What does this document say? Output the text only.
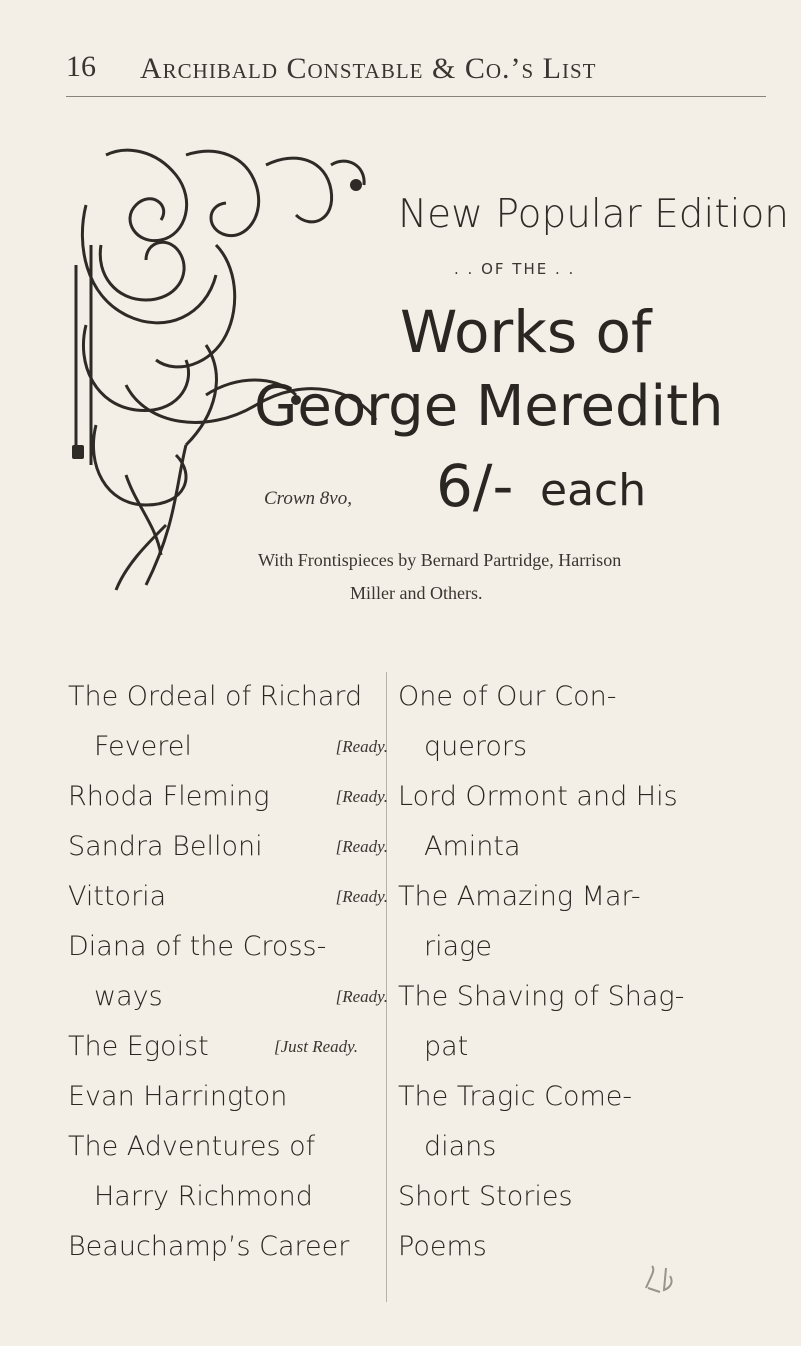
16 Archibald Constable & Co.’s List
New Popular Edition
. . OF THE . .
Works of
George Meredith
Crown 8vo, 6/- each
With Frontispieces by Bernard Partridge, Harrison
Miller and Others.
The Ordeal of Richard
Feverel	[Ready.
Rhoda Fleming	[Ready.
Sandra Belloni	[Ready.
Vittoria	[Ready.
Diana of the Cross-
ways	[Ready.
The Egoist	[Just Ready.
Evan Harrington
The Adventures of
Harry Richmond
Beauchamp’s Career
One of Our Con-
querors
Lord Ormont and His
Aminta
The Amazing Mar-
riage
The Shaving of Shag-
pat
The Tragic Come-
dians
Short Stories
Poems
